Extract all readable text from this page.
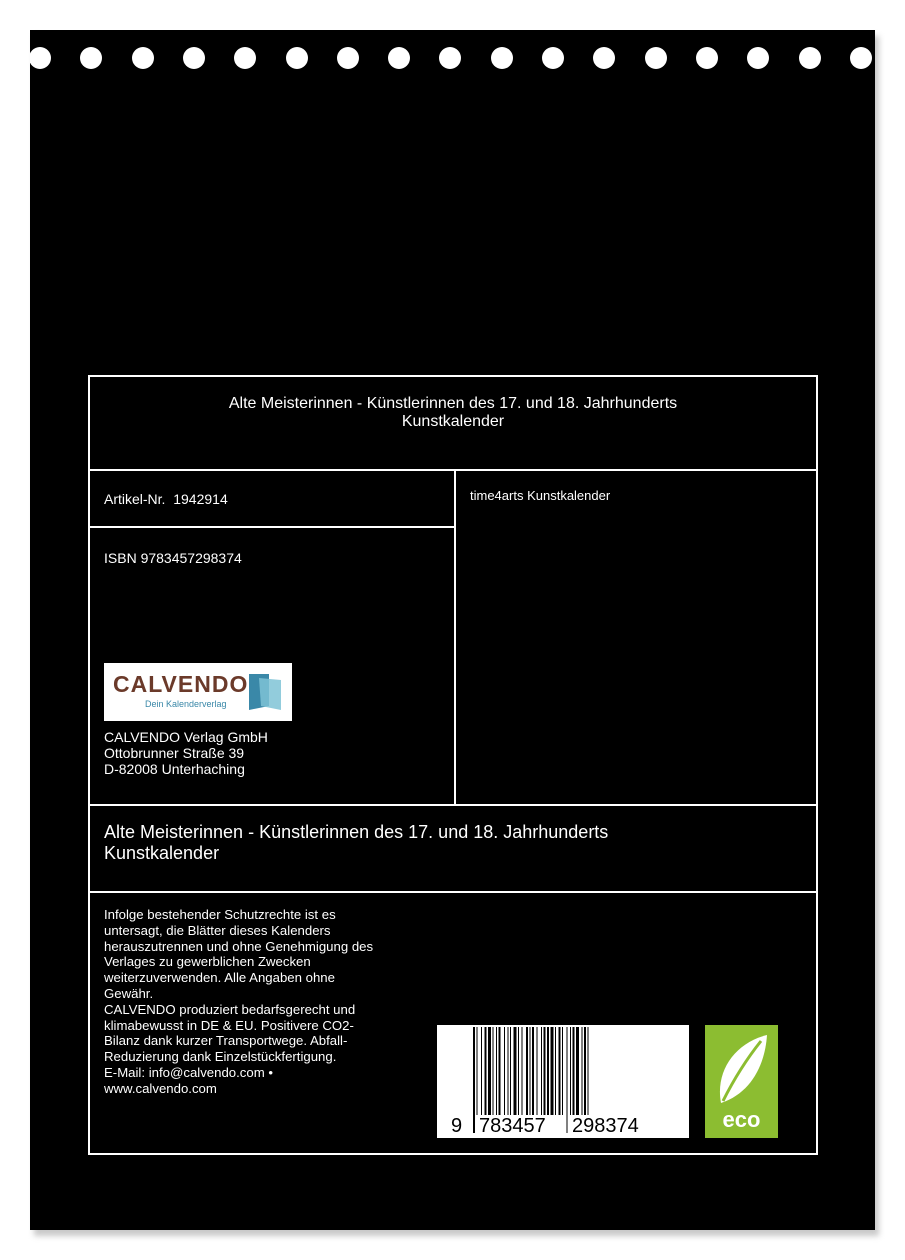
Alte Meisterinnen - Künstlerinnen des 17. und 18. Jahrhunderts
Kunstkalender
Artikel-Nr.  1942914	time4arts Kunstkalender
ISBN 9783457298374
CALVENDO
Dein Kalenderverlag
CALVENDO Verlag GmbH
Ottobrunner Straße 39
D-82008 Unterhaching
Alte Meisterinnen - Künstlerinnen des 17. und 18. Jahrhunderts
Kunstkalender
Infolge bestehender Schutzrechte ist es
untersagt, die Blätter dieses Kalenders
herauszutrennen und ohne Genehmigung des
Verlages zu gewerblichen Zwecken
weiterzuverwenden. Alle Angaben ohne
Gewähr.
CALVENDO produziert bedarfsgerecht und
klimabewusst in DE & EU. Positivere CO2-
Bilanz dank kurzer Transportwege. Abfall-
Reduzierung dank Einzelstückfertigung.
E-Mail: info@calvendo.com •
www.calvendo.com
9 783457 298374	eco
